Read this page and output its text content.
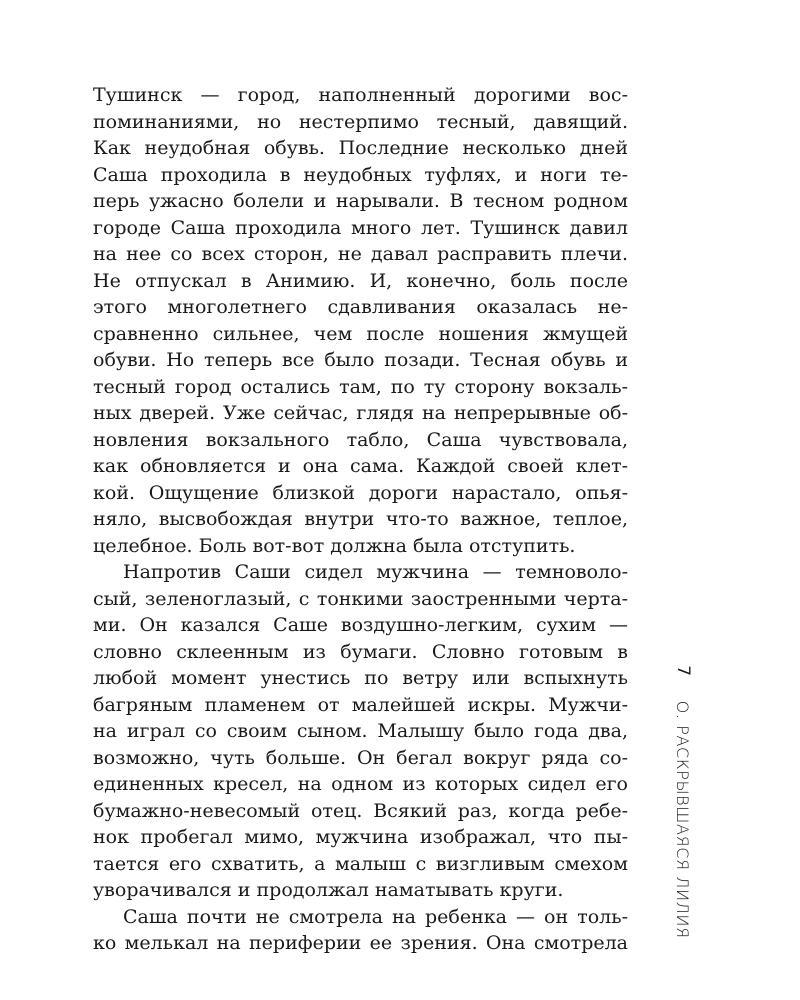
Тушинск — город, наполненный дорогими вос-
поминаниями, но нестерпимо тесный, давящий.
Как неудобная обувь. Последние несколько дней
Саша проходила в неудобных туфлях, и ноги те-
перь ужасно болели и нарывали. В тесном родном
городе Саша проходила много лет. Тушинск давил
на нее со всех сторон, не давал расправить плечи.
Не отпускал в Анимию. И, конечно, боль после
этого многолетнего сдавливания оказалась не-
сравненно сильнее, чем после ношения жмущей
обуви. Но теперь все было позади. Тесная обувь и
тесный город остались там, по ту сторону вокзаль-
ных дверей. Уже сейчас, глядя на непрерывные об-
новления вокзального табло, Саша чувствовала,
как обновляется и она сама. Каждой своей клет-
кой. Ощущение близкой дороги нарастало, опья-
няло, высвобождая внутри что-то важное, теплое,
целебное. Боль вот-вот должна была отступить.
Напротив Саши сидел мужчина — темноволо-
сый, зеленоглазый, с тонкими заостренными черта-
ми. Он казался Саше воздушно-легким, сухим —
словно склеенным из бумаги. Словно готовым в
любой момент унестись по ветру или вспыхнуть
багряным пламенем от малейшей искры. Мужчи-
на играл со своим сыном. Малышу было года два,
возможно, чуть больше. Он бегал вокруг ряда со-
единенных кресел, на одном из которых сидел его
бумажно-невесомый отец. Всякий раз, когда ребе-
нок пробегал мимо, мужчина изображал, что пы-
тается его схватить, а малыш с визгливым смехом
уворачивался и продолжал наматывать круги.
Саша почти не смотрела на ребенка — он толь-
ко мелькал на периферии ее зрения. Она смотрела
7
О. РАСКРЫВШАЯСЯ ЛИЛИЯ
